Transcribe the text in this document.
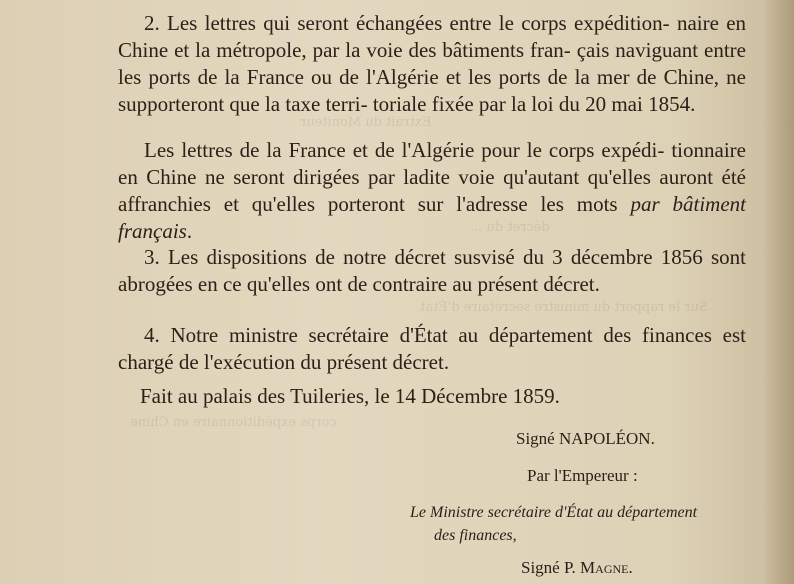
Extrait du Moniteur
décret du ...
Sur le rapport du ministre secrétaire d'État
corps expéditionnaire en Chine

2. Les lettres qui seront échangées entre le corps expédition- naire en Chine et la métropole, par la voie des bâtiments fran- çais naviguant entre les ports de la France ou de l'Algérie et les ports de la mer de Chine, ne supporteront que la taxe terri- toriale fixée par la loi du 20 mai 1854.

Les lettres de la France et de l'Algérie pour le corps expédi- tionnaire en Chine ne seront dirigées par ladite voie qu'autant qu'elles auront été affranchies et qu'elles porteront sur l'adresse les mots par bâtiment français.

3. Les dispositions de notre décret susvisé du 3 décembre 1856 sont abrogées en ce qu'elles ont de contraire au présent décret.

4. Notre ministre secrétaire d'État au département des finances est chargé de l'exécution du présent décret.

Fait au palais des Tuileries, le 14 Décembre 1859.

Signé NAPOLÉON.
Par l'Empereur :
Le Ministre secrétaire d'État au département
des finances,
Signé P. Magne.
